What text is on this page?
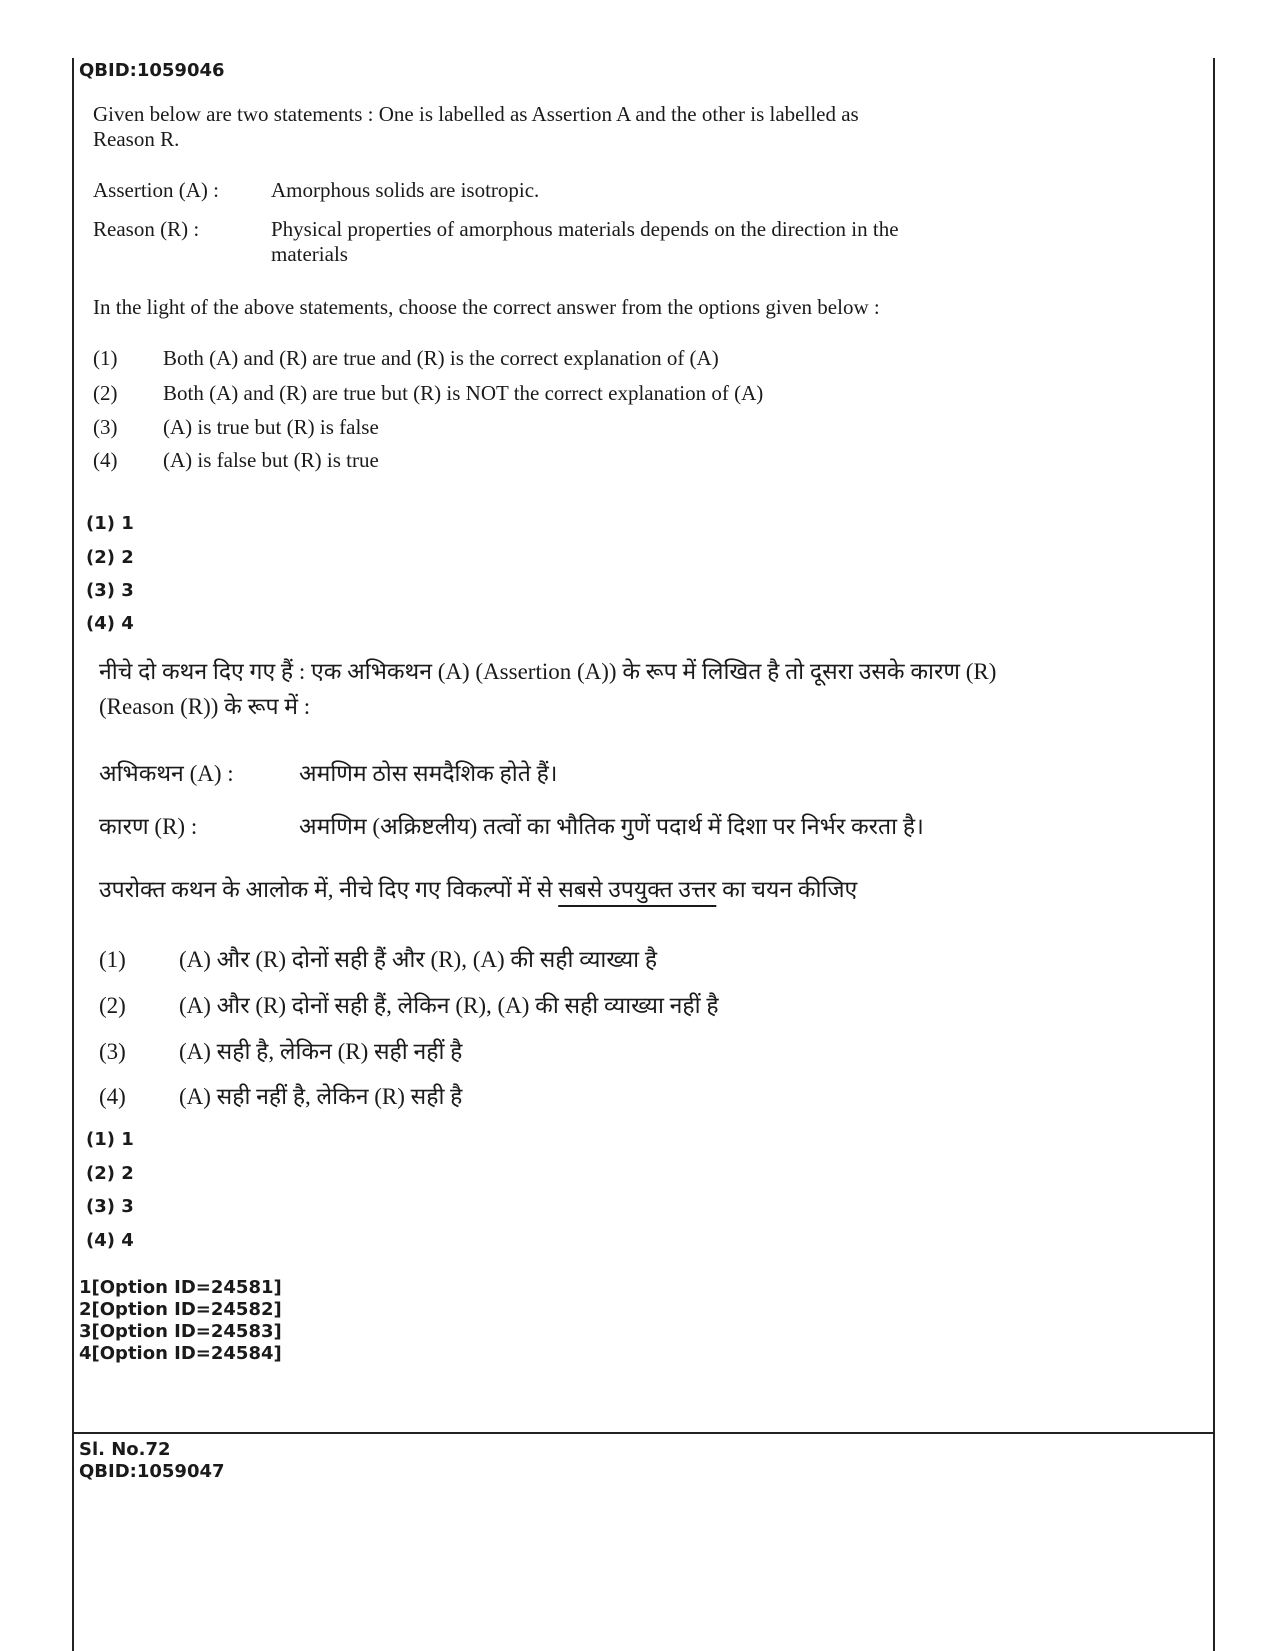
QBID:1059046
Given below are two statements : One is labelled as Assertion A and the other is labelled as
Reason R.
Assertion (A) : Amorphous solids are isotropic.
Reason (R) :	Physical properties of amorphous materials depends on the direction in the
materials
In the light of the above statements, choose the correct answer from the options given below :
(1) Both (A) and (R) are true and (R) is the correct explanation of (A)
(2) Both (A) and (R) are true but (R) is NOT the correct explanation of (A)
(3) (A) is true but (R) is false
(4) (A) is false but (R) is true
(1) 1
(2) 2
(3) 3
(4) 4
नीचे दो कथन दिए गए हैं : एक अभिकथन (A) (Assertion (A)) के रूप में लिखित है तो दूसरा उसके कारण (R)
(Reason (R)) के रूप में :
अभिकथन (A) :	अमणिम ठोस समदैशिक होते हैं।
कारण (R) :	अमणिम (अक्रिष्टलीय) तत्वों का भौतिक गुणें पदार्थ में दिशा पर निर्भर करता है।
उपरोक्त कथन के आलोक में, नीचे दिए गए विकल्पों में से सबसे उपयुक्त उत्तर का चयन कीजिए
(1) (A) और (R) दोनों सही हैं और (R), (A) की सही व्याख्या है
(2) (A) और (R) दोनों सही हैं, लेकिन (R), (A) की सही व्याख्या नहीं है
(3) (A) सही है, लेकिन (R) सही नहीं है
(4) (A) सही नहीं है, लेकिन (R) सही है
(1) 1
(2) 2
(3) 3
(4) 4
1[Option ID=24581]
2[Option ID=24582]
3[Option ID=24583]
4[Option ID=24584]
Sl. No.72
QBID:1059047
